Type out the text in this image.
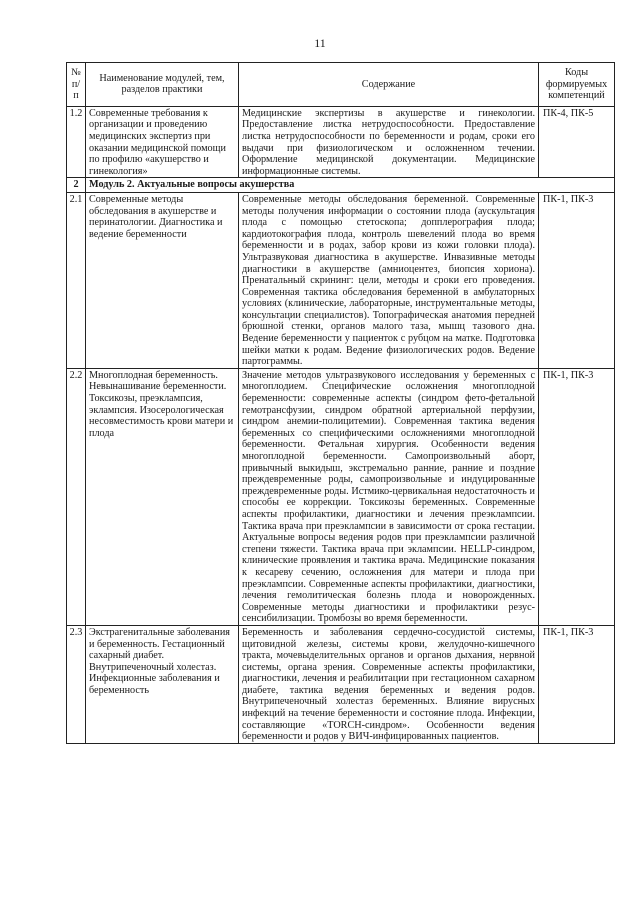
11
№ п/п	Наименование модулей, тем, разделов практики	Содержание	Коды формируемых компетенций
1.2	Современные требования к организации и проведению медицинских экспертиз при оказании медицинской помощи по профилю «акушерство и гинекология»	Медицинские экспертизы в акушерстве и гинекологии. Предоставление листка нетрудоспособности. Предоставление листка нетрудоспособности по беременности и родам, сроки его выдачи при физиологическом и осложненном течении. Оформление медицинской документации. Медицинские информационные системы.	ПК-4, ПК-5
2	Модуль 2. Актуальные вопросы акушерства		
2.1	Современные методы обследования в акушерстве и перинатологии. Диагностика и ведение беременности	Современные методы обследования беременной. Современные методы получения информации о состоянии плода (аускультация плода с помощью стетоскопа; допплерография плода; кардиотокография плода, контроль шевелений плода во время беременности и в родах, забор крови из кожи головки плода). Ультразвуковая диагностика в акушерстве. Инвазивные методы диагностики в акушерстве (амниоцентез, биопсия хориона). Пренатальный скрининг: цели, методы и сроки его проведения. Современная тактика обследования беременной в амбулаторных условиях (клинические, лабораторные, инструментальные методы, консультации специалистов). Топографическая анатомия передней брюшной стенки, органов малого таза, мышц тазового дна. Ведение беременности у пациенток с рубцом на матке. Подготовка шейки матки к родам. Ведение физиологических родов. Ведение партограммы.	ПК-1, ПК-3
2.2	Многоплодная беременность. Невынашивание беременности. Токсикозы, преэклампсия, эклампсия. Изосерологическая несовместимость крови матери и плода	Значение методов ультразвукового исследования у беременных с многоплодием. Специфические осложнения многоплодной беременности: современные аспекты (синдром фето-фетальной гемотрансфузии, синдром обратной артериальной перфузии, синдром анемии-полицитемии). Современная тактика ведения беременных со специфическими осложнениями многоплодной беременности. Фетальная хирургия. Особенности ведения многоплодной беременности. Самопроизвольный аборт, привычный выкидыш, экстремально ранние, ранние и поздние преждевременные роды, самопроизвольные и индуцированные преждевременные роды. Истмико-цервикальная недостаточность и способы ее коррекции. Токсикозы беременных. Современные аспекты профилактики, диагностики и лечения преэклампсии. Тактика врача при преэклампсии в зависимости от срока гестации. Актуальные вопросы ведения родов при преэклампсии различной степени тяжести. Тактика врача при эклампсии. HELLP-синдром, клинические проявления и тактика врача. Медицинские показания к кесареву сечению, осложнения для матери и плода при преэклампсии. Современные аспекты профилактики, диагностики, лечения гемолитическая болезнь плода и новорожденных. Современные методы диагностики и профилактики резус-сенсибилизации. Тромбозы во время беременности.	ПК-1, ПК-3
2.3	Экстрагенитальные заболевания и беременность. Гестационный сахарный диабет. Внутрипеченочный холестаз. Инфекционные заболевания и беременность	Беременность и заболевания сердечно-сосудистой системы, щитовидной железы, системы крови, желудочно-кишечного тракта, мочевыделительных органов и органов дыхания, нервной системы, органа зрения. Современные аспекты профилактики, диагностики, лечения и реабилитации при гестационном сахарном диабете, тактика ведения беременных и ведения родов. Внутрипеченочный холестаз беременных. Влияние вирусных инфекций на течение беременности и состояние плода. Инфекции, составляющие «TORCH-синдром». Особенности ведения беременности и родов у ВИЧ-инфицированных пациентов.	ПК-1, ПК-3
